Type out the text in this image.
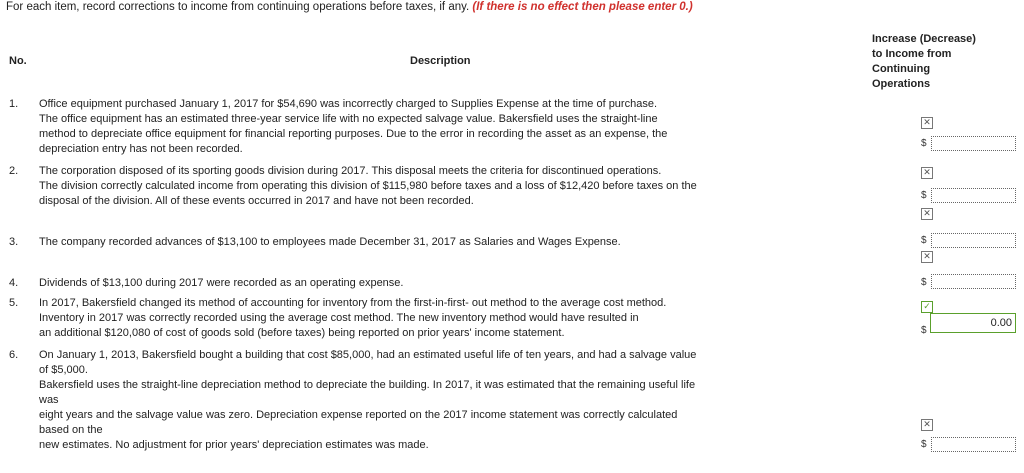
For each item, record corrections to income from continuing operations before taxes, if any. (If there is no effect then please enter 0.)
No.	Description
Increase (Decrease)
to Income from
Continuing
Operations
1. Office equipment purchased January 1, 2017 for $54,690 was incorrectly charged to Supplies Expense at the time of purchase.

The office equipment has an estimated three-year service life with no expected salvage value. Bakersfield uses the straight-line

method to depreciate office equipment for financial reporting purposes. Due to the error in recording the asset as an expense, the

depreciation entry has not been recorded.

2. The corporation disposed of its sporting goods division during 2017. This disposal meets the criteria for discontinued operations.

The division correctly calculated income from operating this division of $115,980 before taxes and a loss of $12,420 before taxes on the

disposal of the division. All of these events occurred in 2017 and have not been recorded.

3. The company recorded advances of $13,100 to employees made December 31, 2017 as Salaries and Wages Expense.

4. Dividends of $13,100 during 2017 were recorded as an operating expense.

5. In 2017, Bakersfield changed its method of accounting for inventory from the first-in-first- out method to the average cost method.

Inventory in 2017 was correctly recorded using the average cost method. The new inventory method would have resulted in

an additional $120,080 of cost of goods sold (before taxes) being reported on prior years' income statement.

6. On January 1, 2013, Bakersfield bought a building that cost $85,000, had an estimated useful life of ten years, and had a salvage value

of $5,000.

Bakersfield uses the straight-line depreciation method to depreciate the building. In 2017, it was estimated that the remaining useful life

was

eight years and the salvage value was zero. Depreciation expense reported on the 2017 income statement was correctly calculated

based on the

new estimates. No adjustment for prior years' depreciation estimates was made.

✕
$
✕
$
✕
$
✕
$
✓
$
0.00
✕
$
